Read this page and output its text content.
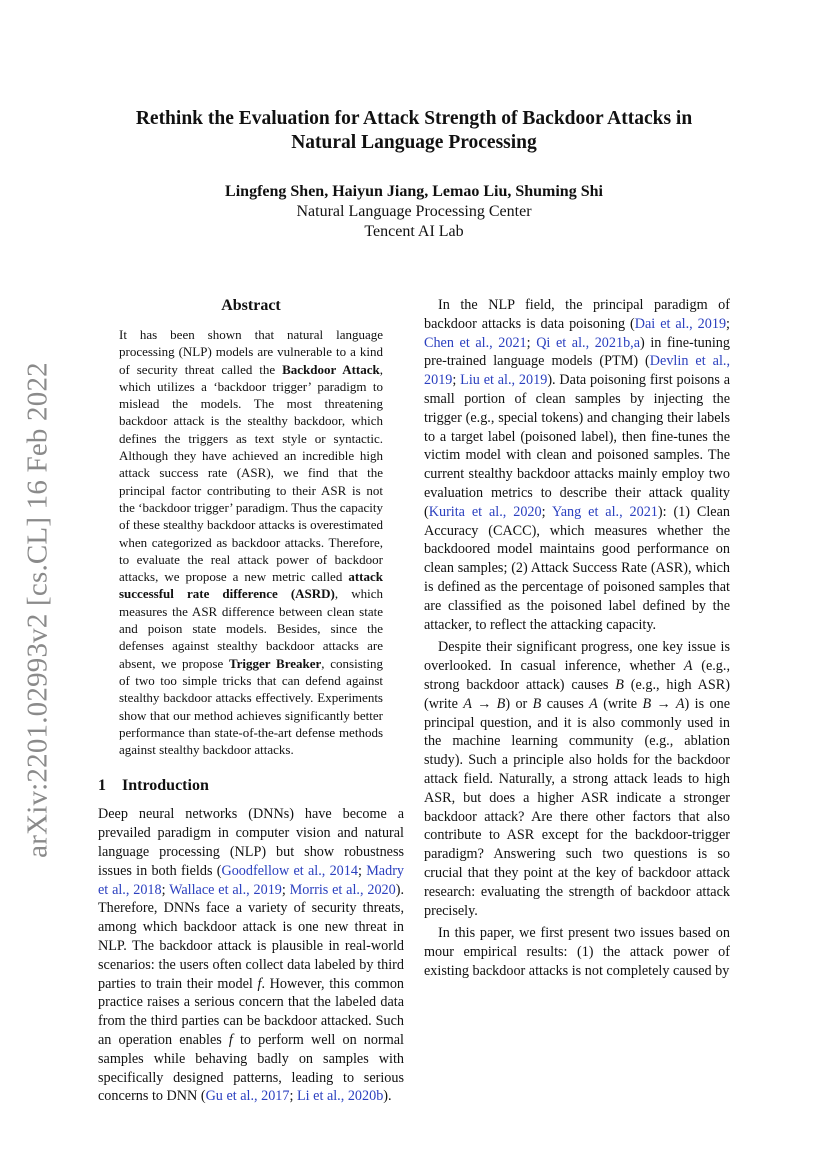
arXiv:2201.02993v2 [cs.CL] 16 Feb 2022
Rethink the Evaluation for Attack Strength of Backdoor Attacks in
Natural Language Processing
Lingfeng Shen, Haiyun Jiang, Lemao Liu, Shuming Shi
Natural Language Processing Center
Tencent AI Lab
Abstract

It has been shown that natural language processing (NLP) models are vulnerable to a kind of security threat called the Backdoor Attack, which utilizes a ‘backdoor trigger’ paradigm to mislead the models. The most threatening backdoor attack is the stealthy backdoor, which defines the triggers as text style or syntactic. Although they have achieved an incredible high attack success rate (ASR), we find that the principal factor contributing to their ASR is not the ‘backdoor trigger’ paradigm. Thus the capacity of these stealthy backdoor attacks is overestimated when categorized as backdoor attacks. Therefore, to evaluate the real attack power of backdoor attacks, we propose a new metric called attack successful rate difference (ASRD), which measures the ASR difference between clean state and poison state models. Besides, since the defenses against stealthy backdoor attacks are absent, we propose Trigger Breaker, consisting of two too simple tricks that can defend against stealthy backdoor attacks effectively. Experiments show that our method achieves significantly better performance than state-of-the-art defense methods against stealthy backdoor attacks.

1 Introduction

Deep neural networks (DNNs) have become a prevailed paradigm in computer vision and natural language processing (NLP) but show robustness issues in both fields (Goodfellow et al., 2014; Madry et al., 2018; Wallace et al., 2019; Morris et al., 2020). Therefore, DNNs face a variety of security threats, among which backdoor attack is one new threat in NLP. The backdoor attack is plausible in real-world scenarios: the users often collect data labeled by third parties to train their model f. However, this common practice raises a serious concern that the labeled data from the third parties can be backdoor attacked. Such an operation enables f to perform well on normal samples while behaving badly on samples with specifically designed patterns, leading to serious concerns to DNN (Gu et al., 2017; Li et al., 2020b).

In the NLP field, the principal paradigm of backdoor attacks is data poisoning (Dai et al., 2019; Chen et al., 2021; Qi et al., 2021b,a) in fine-tuning pre-trained language models (PTM) (Devlin et al., 2019; Liu et al., 2019). Data poisoning first poisons a small portion of clean samples by injecting the trigger (e.g., special tokens) and changing their labels to a target label (poisoned label), then fine-tunes the victim model with clean and poisoned samples. The current stealthy backdoor attacks mainly employ two evaluation metrics to describe their attack quality (Kurita et al., 2020; Yang et al., 2021): (1) Clean Accuracy (CACC), which measures whether the backdoored model maintains good performance on clean samples; (2) Attack Success Rate (ASR), which is defined as the percentage of poisoned samples that are classified as the poisoned label defined by the attacker, to reflect the attacking capacity.

Despite their significant progress, one key issue is overlooked. In casual inference, whether A (e.g., strong backdoor attack) causes B (e.g., high ASR) (write A → B) or B causes A (write B → A) is one principal question, and it is also commonly used in the machine learning community (e.g., ablation study). Such a principle also holds for the backdoor attack field. Naturally, a strong attack leads to high ASR, but does a higher ASR indicate a stronger backdoor attack? Are there other factors that also contribute to ASR except for the backdoor-trigger paradigm? Answering such two questions is so crucial that they point at the key of backdoor attack research: evaluating the strength of backdoor attack precisely.

In this paper, we first present two issues based on mour empirical results: (1) the attack power of existing backdoor attacks is not completely caused by
